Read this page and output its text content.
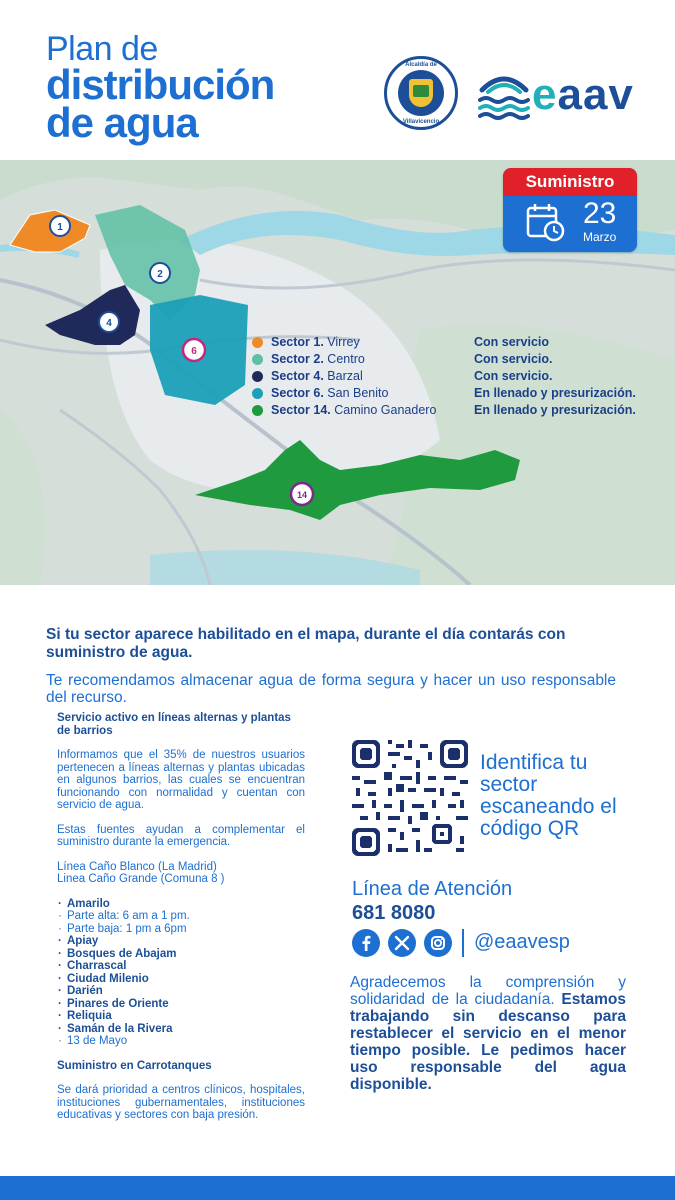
Plan de
distribución
de agua
Alcaldía de
Villavicencio
eaav
1
2
4
6
14
Suministro
23
Marzo
Sector 1. Virrey	Con servicio
Sector 2. Centro	Con servicio.
Sector 4. Barzal	Con servicio.
Sector 6. San Benito	En llenado y presurización.
Sector 14. Camino Ganadero	En llenado y presurización.
Si tu sector aparece habilitado en el mapa, durante el día contarás con suministro de agua.
Te recomendamos almacenar agua de forma segura y hacer un uso responsable del recurso.
Servicio activo en líneas alternas y plantas de barrios
Informamos que el 35% de nuestros usuarios pertenecen a líneas alternas y plantas ubicadas en algunos barrios, las cuales se encuentran funcionando con normalidad y cuentan con servicio de agua.
Estas fuentes ayudan a complementar el suministro durante la emergencia.
Línea Caño Blanco (La Madrid)
Linea Caño Grande (Comuna 8 )
· Amarilo
· Parte alta: 6 am a 1 pm.
· Parte baja: 1 pm a 6pm
· Apiay
· Bosques de Abajam
· Charrascal
· Ciudad Milenio
· Darién
· Pinares de Oriente
· Reliquia
· Samán de la Rivera
· 13 de Mayo
Suministro en Carrotanques
Se dará prioridad a centros clínicos, hospitales, instituciones gubernamentales, instituciones educativas y sectores con baja presión.
Identifica tu sector escaneando el código QR
Línea de Atención
681 8080
@eaavesp
Agradecemos la comprensión y solidaridad de la ciudadanía. Estamos trabajando sin descanso para restablecer el servicio en el menor tiempo posible. Le pedimos hacer uso responsable del agua disponible.
